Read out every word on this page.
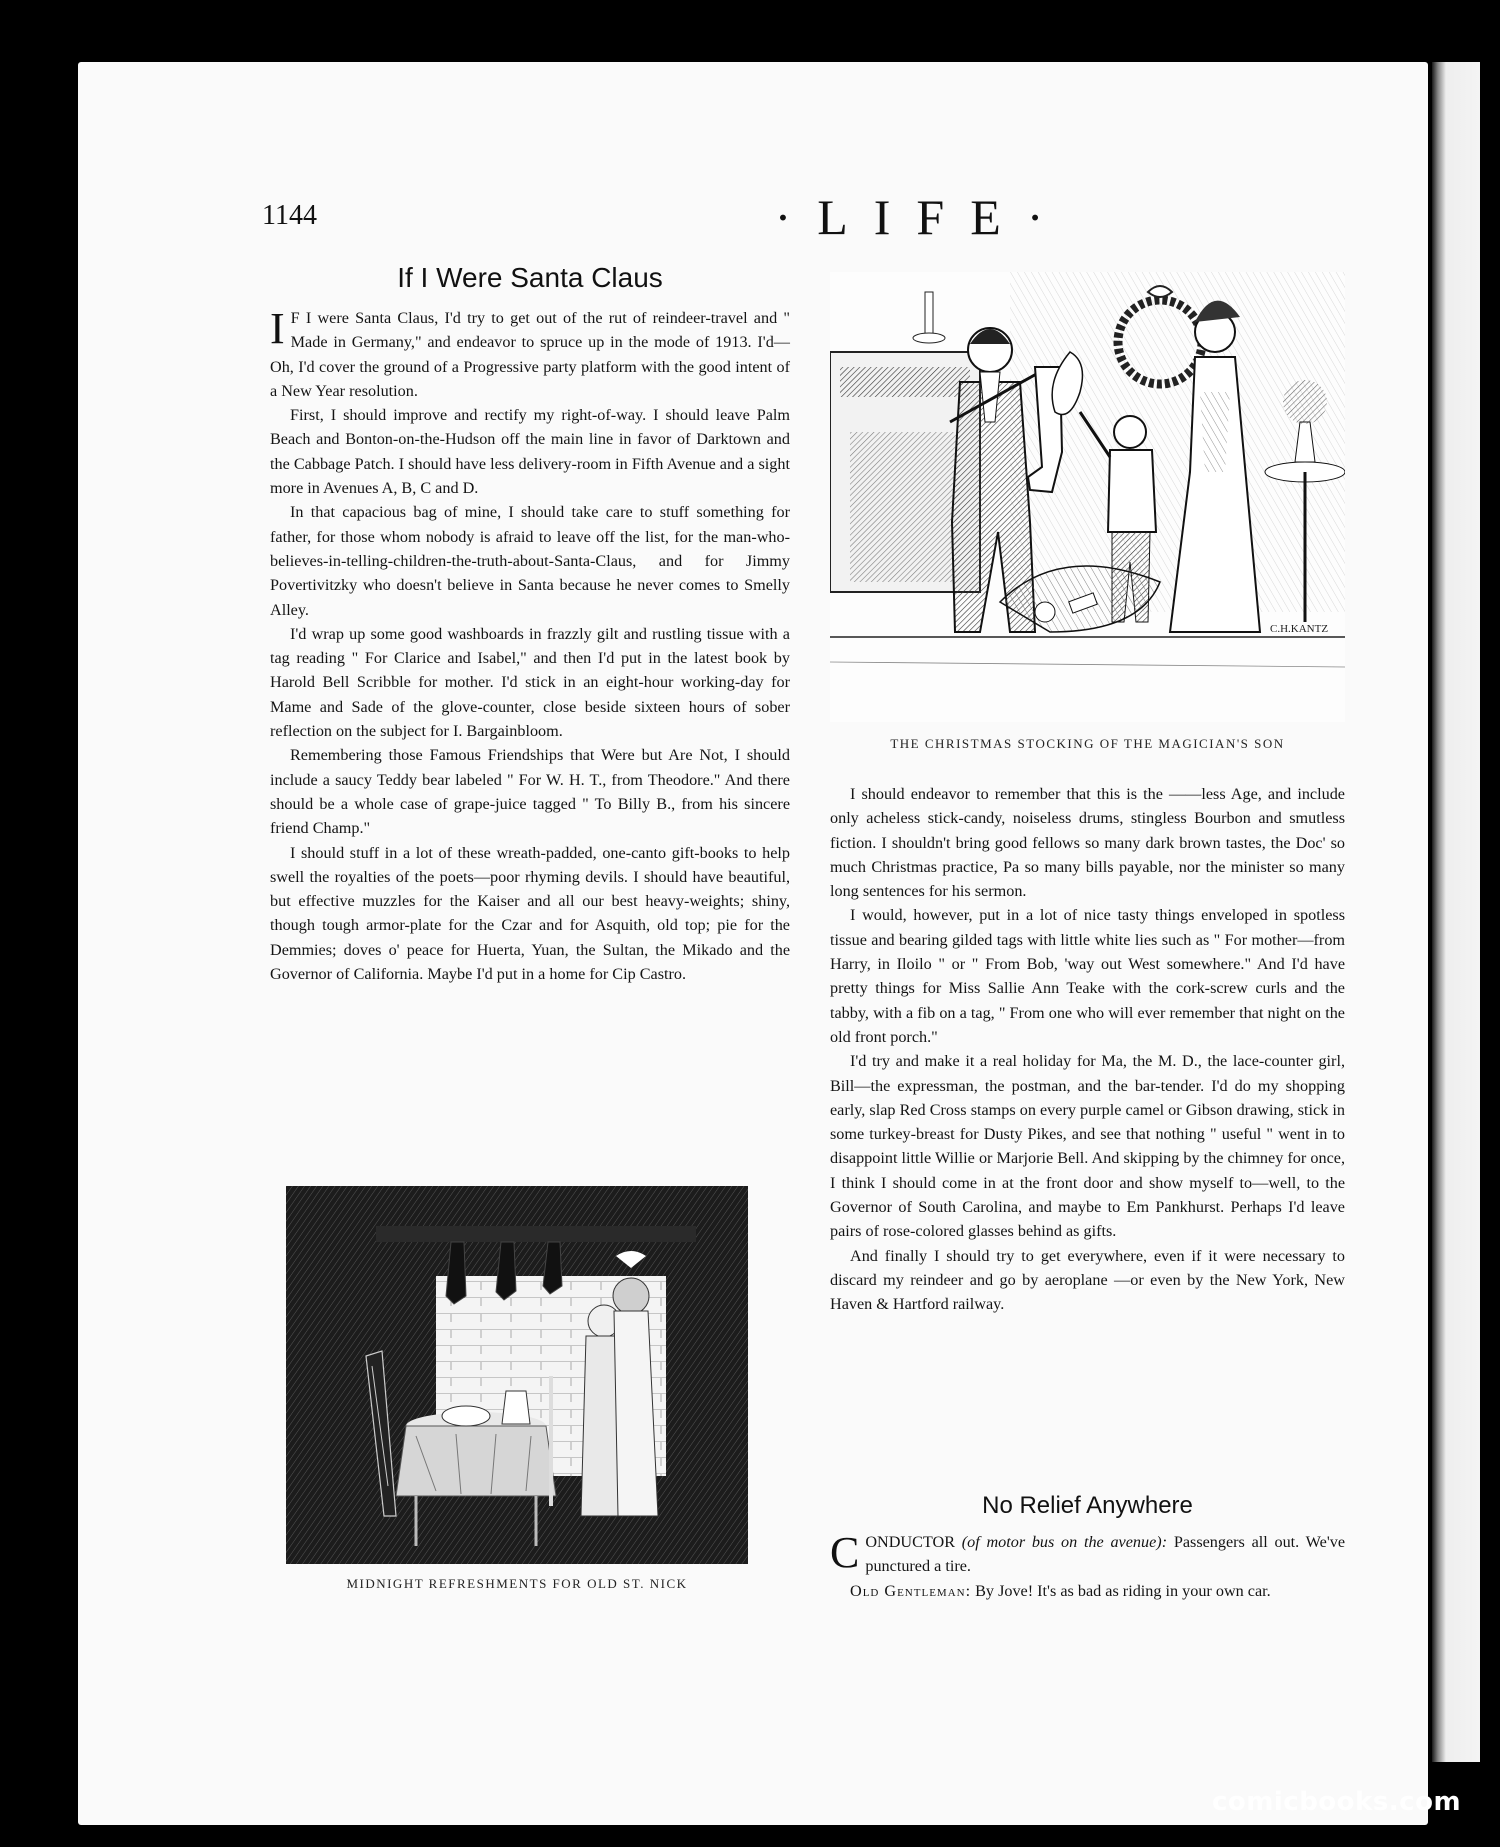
1144	·LIFE·
If I Were Santa Claus

I F I were Santa Claus, I'd try to get out of the rut of reindeer-travel and " Made in Germany," and endeavor to spruce up in the mode of 1913. I'd—Oh, I'd cover the ground of a Progressive party platform with the good intent of a New Year resolution.

First, I should improve and rectify my right-of-way. I should leave Palm Beach and Bonton-on-the-Hudson off the main line in favor of Darktown and the Cabbage Patch. I should have less delivery-room in Fifth Avenue and a sight more in Avenues A, B, C and D.

In that capacious bag of mine, I should take care to stuff something for father, for those whom nobody is afraid to leave off the list, for the man-who-believes-in-telling-children-the-truth-about-Santa-Claus, and for Jimmy Povertivitzky who doesn't believe in Santa because he never comes to Smelly Alley.

I'd wrap up some good washboards in frazzly gilt and rustling tissue with a tag reading " For Clarice and Isabel," and then I'd put in the latest book by Harold Bell Scribble for mother. I'd stick in an eight-hour working-day for Mame and Sade of the glove-counter, close beside sixteen hours of sober reflection on the subject for I. Bargainbloom.

Remembering those Famous Friendships that Were but Are Not, I should include a saucy Teddy bear labeled " For W. H. T., from Theodore." And there should be a whole case of grape-juice tagged " To Billy B., from his sincere friend Champ."

I should stuff in a lot of these wreath-padded, one-canto gift-books to help swell the royalties of the poets—poor rhyming devils. I should have beautiful, but effective muzzles for the Kaiser and all our best heavy-weights; shiny, though tough armor-plate for the Czar and for Asquith, old top; pie for the Demmies; doves o' peace for Huerta, Yuan, the Sultan, the Mikado and the Governor of California. Maybe I'd put in a home for Cip Castro.

C.H.KANTZ
THE CHRISTMAS STOCKING OF THE MAGICIAN'S SON

I should endeavor to remember that this is the ——less Age, and include only acheless stick-candy, noiseless drums, stingless Bourbon and smutless fiction. I shouldn't bring good fellows so many dark brown tastes, the Doc' so much Christmas practice, Pa so many bills payable, nor the minister so many long sentences for his sermon.

I would, however, put in a lot of nice tasty things enveloped in spotless tissue and bearing gilded tags with little white lies such as " For mother—from Harry, in Iloilo " or " From Bob, 'way out West somewhere." And I'd have pretty things for Miss Sallie Ann Teake with the cork-screw curls and the tabby, with a fib on a tag, " From one who will ever remember that night on the old front porch."

I'd try and make it a real holiday for Ma, the M. D., the lace-counter girl, Bill—the expressman, the postman, and the bar-tender. I'd do my shopping early, slap Red Cross stamps on every purple camel or Gibson drawing, stick in some turkey-breast for Dusty Pikes, and see that nothing " useful " went in to disappoint little Willie or Marjorie Bell. And skipping by the chimney for once, I think I should come in at the front door and show myself to—well, to the Governor of South Carolina, and maybe to Em Pankhurst. Perhaps I'd leave pairs of rose-colored glasses behind as gifts.

And finally I should try to get everywhere, even if it were necessary to discard my reindeer and go by aeroplane —or even by the New York, New Haven & Hartford railway.

No Relief Anywhere

CONDUCTOR (of motor bus on the avenue): Passengers all out. We've punctured a tire.

Old Gentleman: By Jove! It's as bad as riding in your own car.

MIDNIGHT REFRESHMENTS FOR OLD ST. NICK
comicbooks.com
